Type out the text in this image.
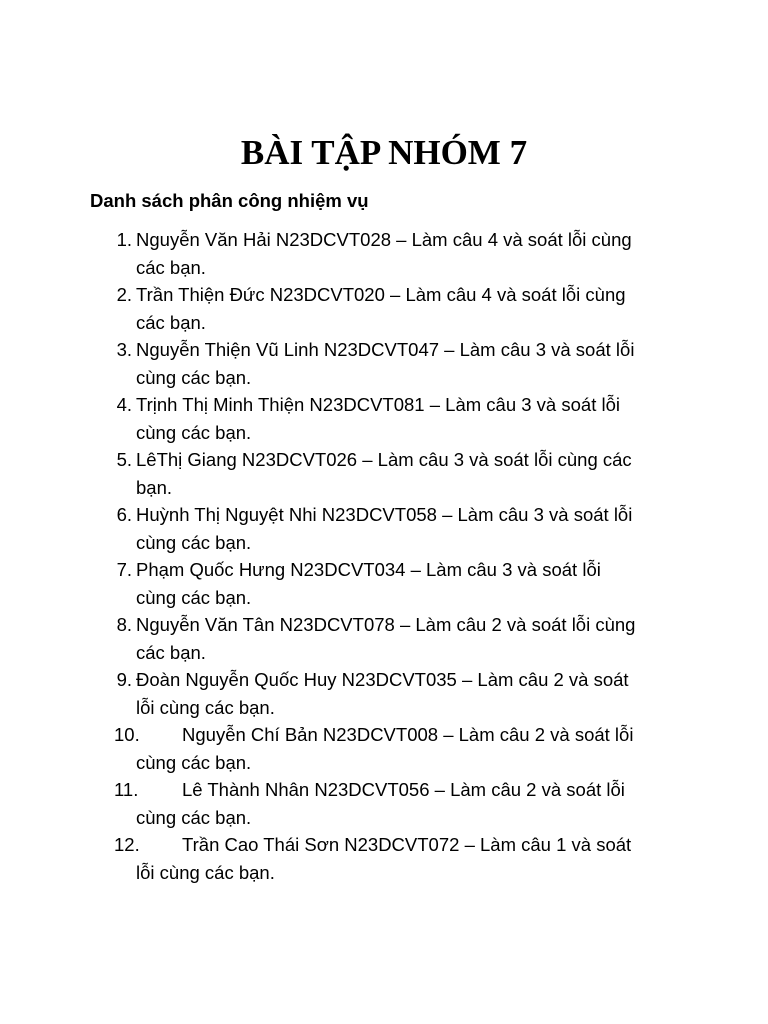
BÀI TẬP NHÓM 7
Danh sách phân công nhiệm vụ
1. Nguyễn Văn Hải N23DCVT028 – Làm câu 4 và soát lỗi cùng
các bạn.
2. Trần Thiện Đức N23DCVT020 – Làm câu 4 và soát lỗi cùng
các bạn.
3. Nguyễn Thiện Vũ Linh N23DCVT047 – Làm câu 3 và soát lỗi
cùng các bạn.
4. Trịnh Thị Minh Thiện N23DCVT081 – Làm câu 3 và soát lỗi
cùng các bạn.
5. LêThị Giang N23DCVT026 – Làm câu 3 và soát lỗi cùng các
bạn.
6. Huỳnh Thị Nguyệt Nhi N23DCVT058 – Làm câu 3 và soát lỗi
cùng các bạn.
7. Phạm Quốc Hưng N23DCVT034 – Làm câu 3 và soát lỗi
cùng các bạn.
8. Nguyễn Văn Tân N23DCVT078 – Làm câu 2 và soát lỗi cùng
các bạn.
9. Đoàn Nguyễn Quốc Huy N23DCVT035 – Làm câu 2 và soát
lỗi cùng các bạn.
10. Nguyễn Chí Bản N23DCVT008 – Làm câu 2 và soát lỗi
cùng các bạn.
11. Lê Thành Nhân N23DCVT056 – Làm câu 2 và soát lỗi
cùng các bạn.
12. Trần Cao Thái Sơn N23DCVT072 – Làm câu 1 và soát
lỗi cùng các bạn.
